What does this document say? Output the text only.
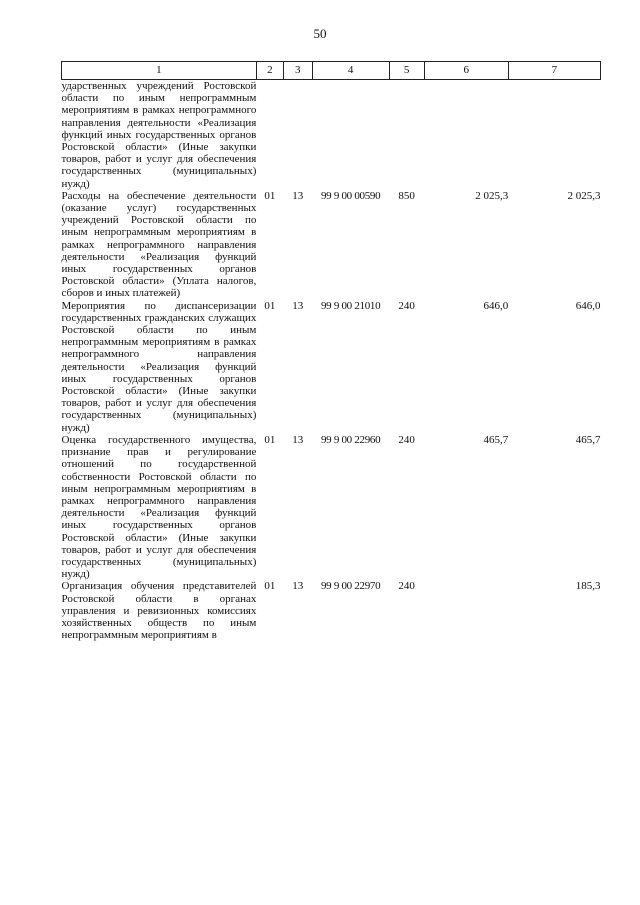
50
1	2	3	4	5	6	7
ударственных учреждений Ростовской области по иным непрограммным мероприятиям в рамках непрограммного направления деятельности «Реализация функций иных государственных органов Ростовской области» (Иные закупки товаров, работ и услуг для обеспечения государственных (муниципальных) нужд)						
Расходы на обеспечение деятельности (оказание услуг) государственных учреждений Ростовской области по иным непрограммным мероприятиям в рамках непрограммного направления деятельности «Реализация функций иных государственных органов Ростовской области» (Уплата налогов, сборов и иных платежей)	01	13	99 9 00 00590	850	2 025,3	2 025,3
Мероприятия по диспансеризации государственных гражданских служащих Ростовской области по иным непрограммным мероприятиям в рамках непрограммного направления деятельности «Реализация функций иных государственных органов Ростовской области» (Иные закупки товаров, работ и услуг для обеспечения государственных (муниципальных) нужд)	01	13	99 9 00 21010	240	646,0	646,0
Оценка государственного имущества, признание прав и регулирование отношений по государственной собственности Ростовской области по иным непрограммным мероприятиям в рамках непрограммного направления деятельности «Реализация функций иных государственных органов Ростовской области» (Иные закупки товаров, работ и услуг для обеспечения государственных (муниципальных) нужд)	01	13	99 9 00 22960	240	465,7	465,7
Организация обучения представителей Ростовской области в органах управления и ревизионных комиссиях хозяйственных обществ по иным непрограммным мероприятиям в	01	13	99 9 00 22970	240		185,3
